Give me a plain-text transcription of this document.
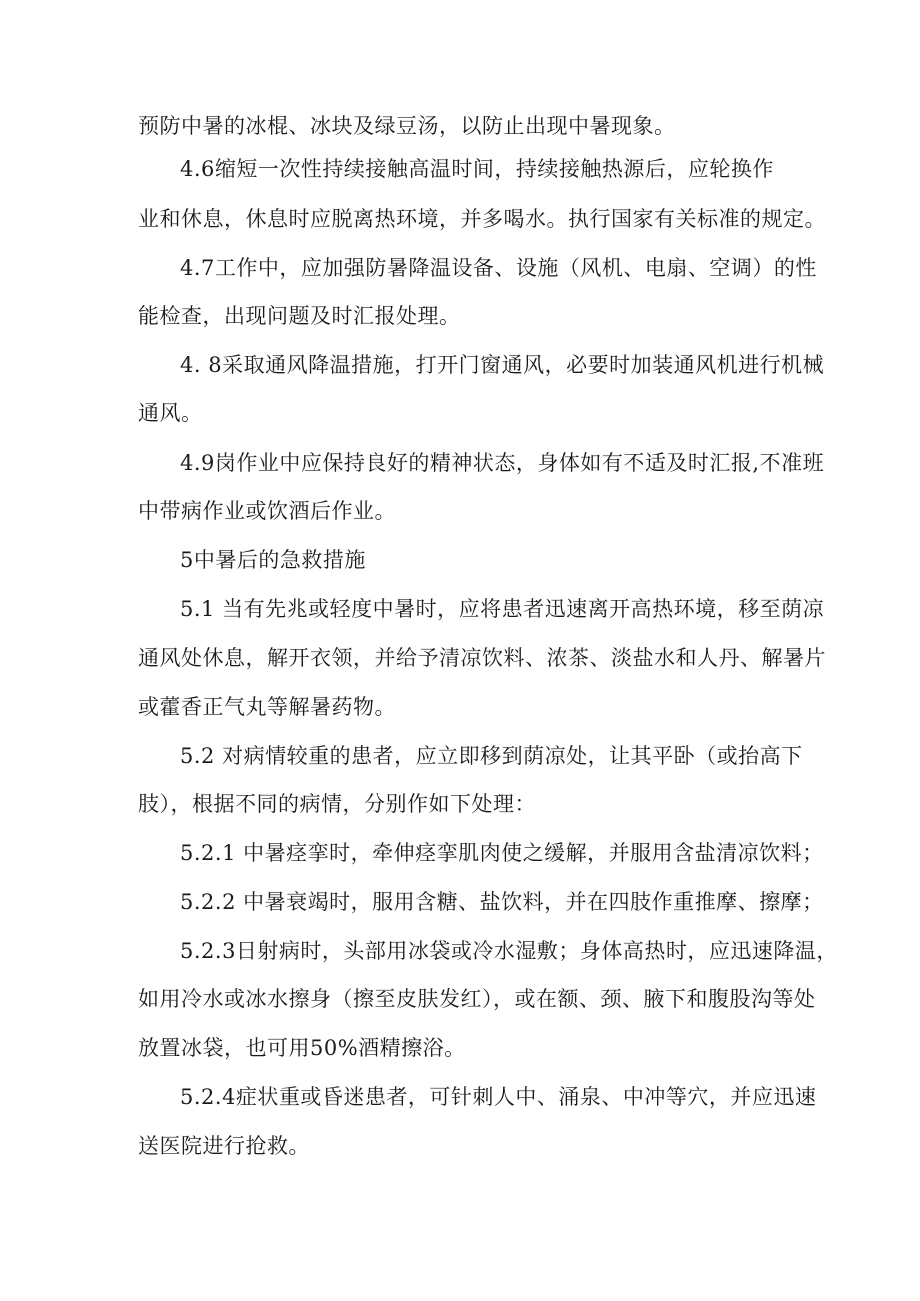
预防中暑的冰棍、冰块及绿豆汤，以防止出现中暑现象。
4.6缩短一次性持续接触高温时间，持续接触热源后，应轮换作
业和休息，休息时应脱离热环境，并多喝水。执行国家有关标准的规定。
4.7工作中，应加强防暑降温设备、设施（风机、电扇、空调）的性
能检查，出现问题及时汇报处理。
4. 8采取通风降温措施，打开门窗通风，必要时加装通风机进行机械
通风。
4.9岗作业中应保持良好的精神状态，身体如有不适及时汇报,不准班
中带病作业或饮酒后作业。
5中暑后的急救措施
5.1 当有先兆或轻度中暑时，应将患者迅速离开高热环境，移至荫凉
通风处休息，解开衣领，并给予清凉饮料、浓茶、淡盐水和人丹、解暑片
或藿香正气丸等解暑药物。
5.2 对病情较重的患者，应立即移到荫凉处，让其平卧（或抬高下
肢），根据不同的病情，分别作如下处理：
5.2.1 中暑痉挛时，牵伸痉挛肌肉使之缓解，并服用含盐清凉饮料；
5.2.2 中暑衰竭时，服用含糖、盐饮料，并在四肢作重推摩、擦摩；
5.2.3日射病时，头部用冰袋或冷水湿敷；身体高热时，应迅速降温，
如用冷水或冰水擦身（擦至皮肤发红），或在额、颈、腋下和腹股沟等处
放置冰袋，也可用50%酒精擦浴。
5.2.4症状重或昏迷患者，可针刺人中、涌泉、中冲等穴，并应迅速
送医院进行抢救。
